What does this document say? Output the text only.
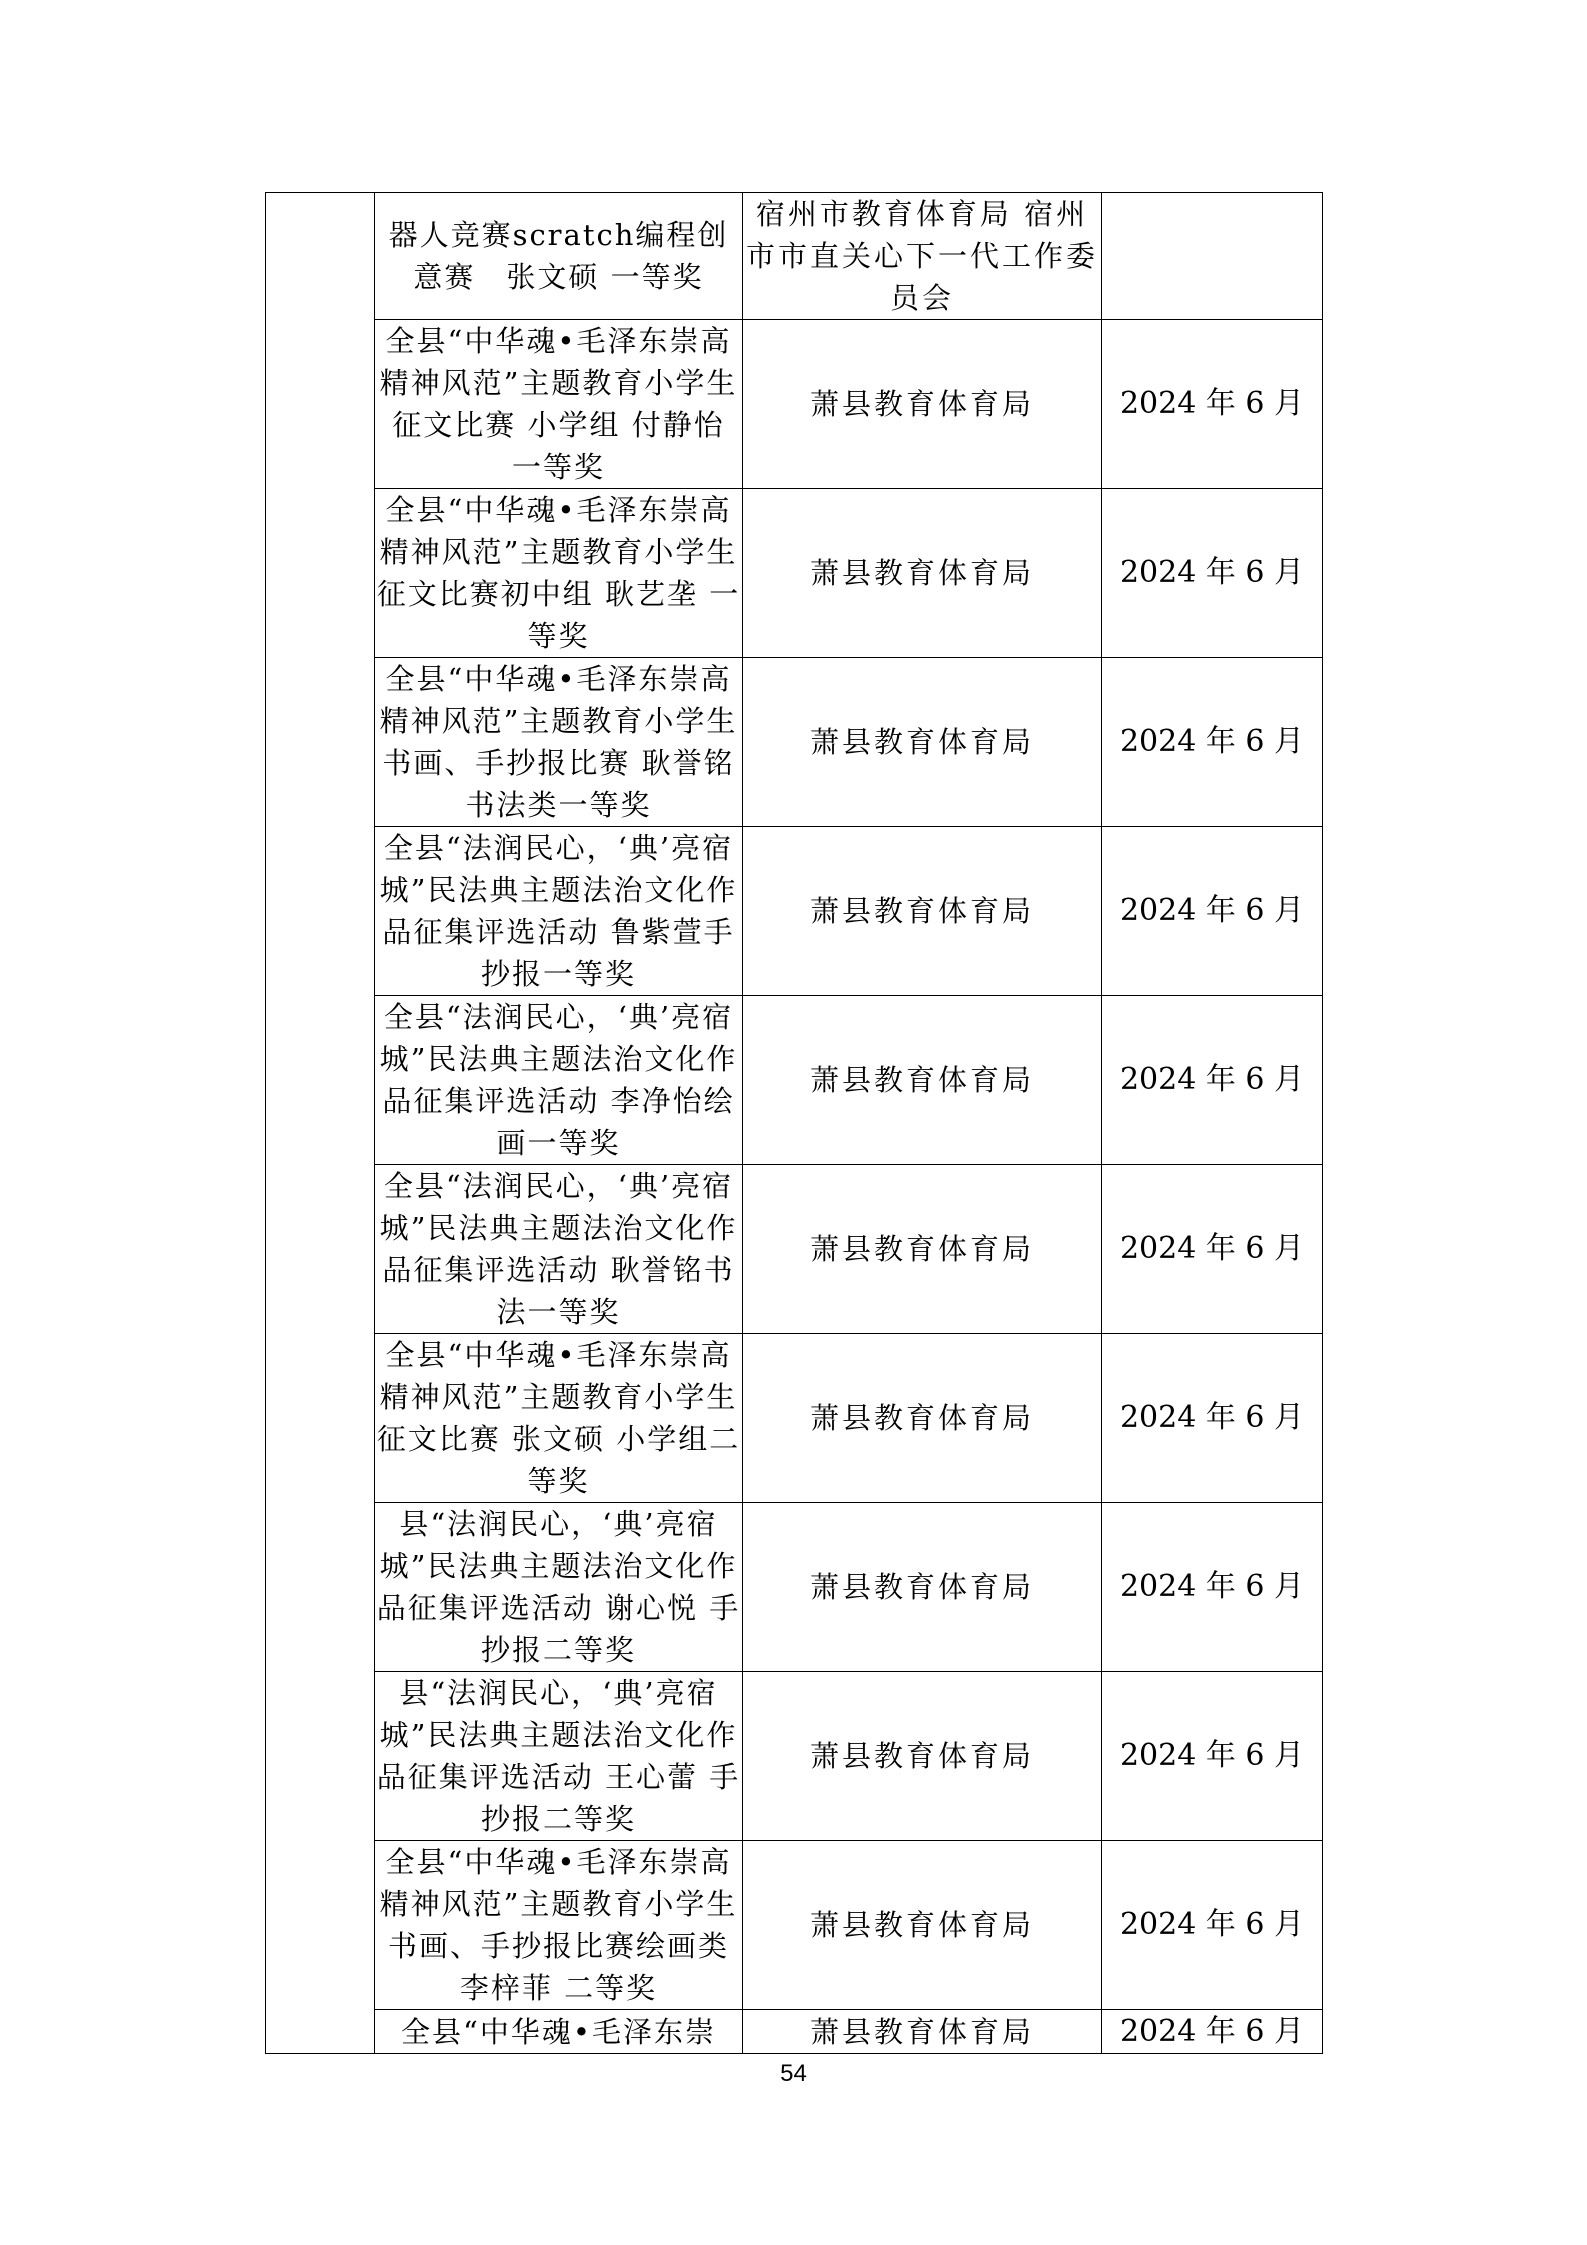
	器人竞赛scratch编程创意赛　张文硕 一等奖	宿州市教育体育局 宿州市市直关心下一代工作委员会	

	全县“中华魂•毛泽东崇高精神风范”主题教育小学生征文比赛 小学组 付静怡 一等奖	萧县教育体育局	2024 年 6 月

	全县“中华魂•毛泽东崇高精神风范”主题教育小学生征文比赛初中组 耿艺垄 一等奖	萧县教育体育局	2024 年 6 月

	全县“中华魂•毛泽东崇高精神风范”主题教育小学生书画、手抄报比赛 耿誉铭 书法类一等奖	萧县教育体育局	2024 年 6 月

	全县“法润民心，‘典’亮宿城”民法典主题法治文化作品征集评选活动 鲁紫萱手抄报一等奖	萧县教育体育局	2024 年 6 月

	全县“法润民心，‘典’亮宿城”民法典主题法治文化作品征集评选活动 李净怡绘画一等奖	萧县教育体育局	2024 年 6 月

	全县“法润民心，‘典’亮宿城”民法典主题法治文化作品征集评选活动 耿誉铭书法一等奖	萧县教育体育局	2024 年 6 月

	全县“中华魂•毛泽东崇高精神风范”主题教育小学生征文比赛 张文硕 小学组二等奖	萧县教育体育局	2024 年 6 月

	县“法润民心，‘典’亮宿城”民法典主题法治文化作品征集评选活动 谢心悦 手抄报二等奖	萧县教育体育局	2024 年 6 月

	县“法润民心，‘典’亮宿城”民法典主题法治文化作品征集评选活动 王心蕾 手抄报二等奖	萧县教育体育局	2024 年 6 月

	全县“中华魂•毛泽东崇高精神风范”主题教育小学生书画、手抄报比赛绘画类 李梓菲 二等奖	萧县教育体育局	2024 年 6 月

	全县“中华魂•毛泽东崇	萧县教育体育局	2024 年 6 月
54
